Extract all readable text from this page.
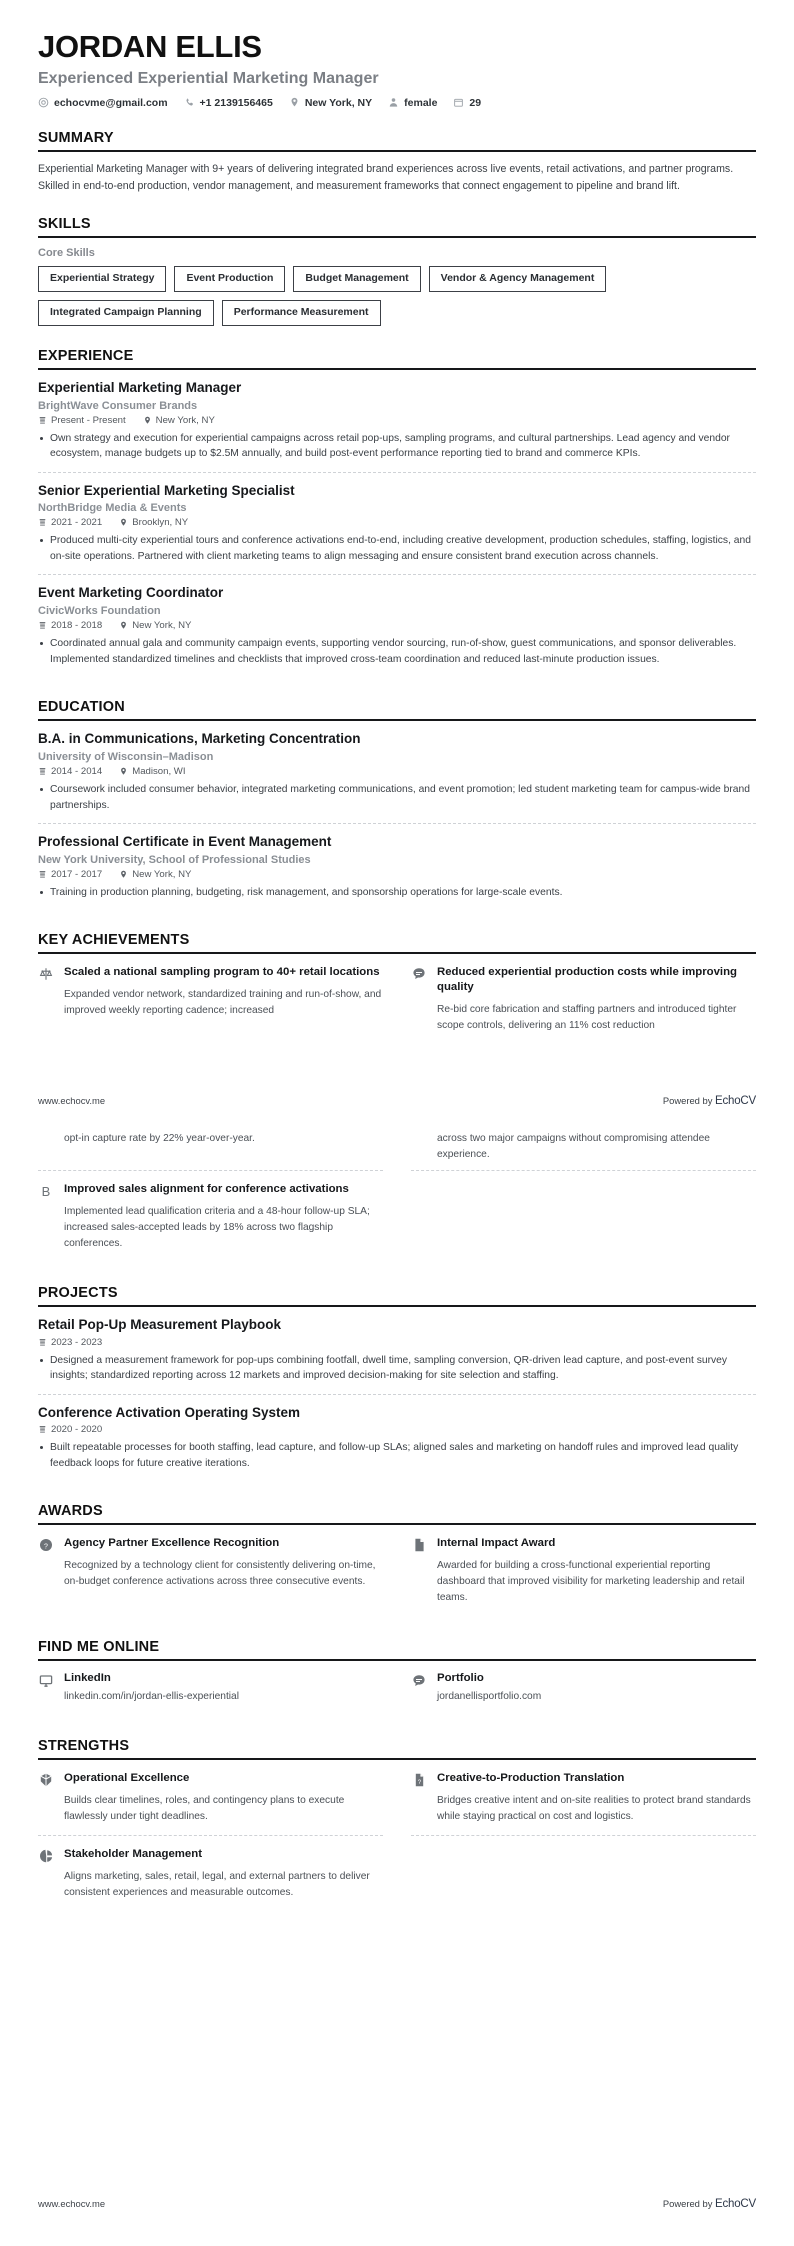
JORDAN ELLIS
Experienced Experiential Marketing Manager
echocvme@gmail.com	+1 2139156465	New York, NY	female	29
SUMMARY
Experiential Marketing Manager with 9+ years of delivering integrated brand experiences across live events, retail activations, and partner programs. Skilled in end-to-end production, vendor management, and measurement frameworks that connect engagement to pipeline and brand lift.
SKILLS
Core Skills
Experiential Strategy	Event Production	Budget Management	Vendor & Agency Management
Integrated Campaign Planning	Performance Measurement
EXPERIENCE
Experiential Marketing Manager
BrightWave Consumer Brands
Present - Present	New York, NY
Own strategy and execution for experiential campaigns across retail pop-ups, sampling programs, and cultural partnerships. Lead agency and vendor ecosystem, manage budgets up to $2.5M annually, and build post-event performance reporting tied to brand and commerce KPIs.
Senior Experiential Marketing Specialist
NorthBridge Media & Events
2021 - 2021	Brooklyn, NY
Produced multi-city experiential tours and conference activations end-to-end, including creative development, production schedules, staffing, logistics, and on-site operations. Partnered with client marketing teams to align messaging and ensure consistent brand execution across channels.
Event Marketing Coordinator
CivicWorks Foundation
2018 - 2018	New York, NY
Coordinated annual gala and community campaign events, supporting vendor sourcing, run-of-show, guest communications, and sponsor deliverables. Implemented standardized timelines and checklists that improved cross-team coordination and reduced last-minute production issues.
EDUCATION
B.A. in Communications, Marketing Concentration
University of Wisconsin–Madison
2014 - 2014	Madison, WI
Coursework included consumer behavior, integrated marketing communications, and event promotion; led student marketing team for campus-wide brand partnerships.
Professional Certificate in Event Management
New York University, School of Professional Studies
2017 - 2017	New York, NY
Training in production planning, budgeting, risk management, and sponsorship operations for large-scale events.
KEY ACHIEVEMENTS
Scaled a national sampling program to 40+ retail locations
Expanded vendor network, standardized training and run-of-show, and improved weekly reporting cadence; increased
Reduced experiential production costs while improving quality
Re-bid core fabrication and staffing partners and introduced tighter scope controls, delivering an 11% cost reduction
opt-in capture rate by 22% year-over-year.	across two major campaigns without compromising attendee experience.
B Improved sales alignment for conference activations
Implemented lead qualification criteria and a 48-hour follow-up SLA; increased sales-accepted leads by 18% across two flagship conferences.
PROJECTS
Retail Pop-Up Measurement Playbook
2023 - 2023
Designed a measurement framework for pop-ups combining footfall, dwell time, sampling conversion, QR-driven lead capture, and post-event survey insights; standardized reporting across 12 markets and improved decision-making for site selection and staffing.
Conference Activation Operating System
2020 - 2020
Built repeatable processes for booth staffing, lead capture, and follow-up SLAs; aligned sales and marketing on handoff rules and improved lead quality feedback loops for future creative iterations.
AWARDS
? Agency Partner Excellence Recognition
Recognized by a technology client for consistently delivering on-time, on-budget conference activations across three consecutive events.
Internal Impact Award
Awarded for building a cross-functional experiential reporting dashboard that improved visibility for marketing leadership and retail teams.
FIND ME ONLINE
LinkedIn
linkedin.com/in/jordan-ellis-experiential
Portfolio
jordanellisportfolio.com
STRENGTHS
Operational Excellence
Builds clear timelines, roles, and contingency plans to execute flawlessly under tight deadlines.
? Creative-to-Production Translation
Bridges creative intent and on-site realities to protect brand standards while staying practical on cost and logistics.
Stakeholder Management
Aligns marketing, sales, retail, legal, and external partners to deliver consistent experiences and measurable outcomes.
www.echocv.me	Powered by EchoCV
www.echocv.me	Powered by EchoCV
